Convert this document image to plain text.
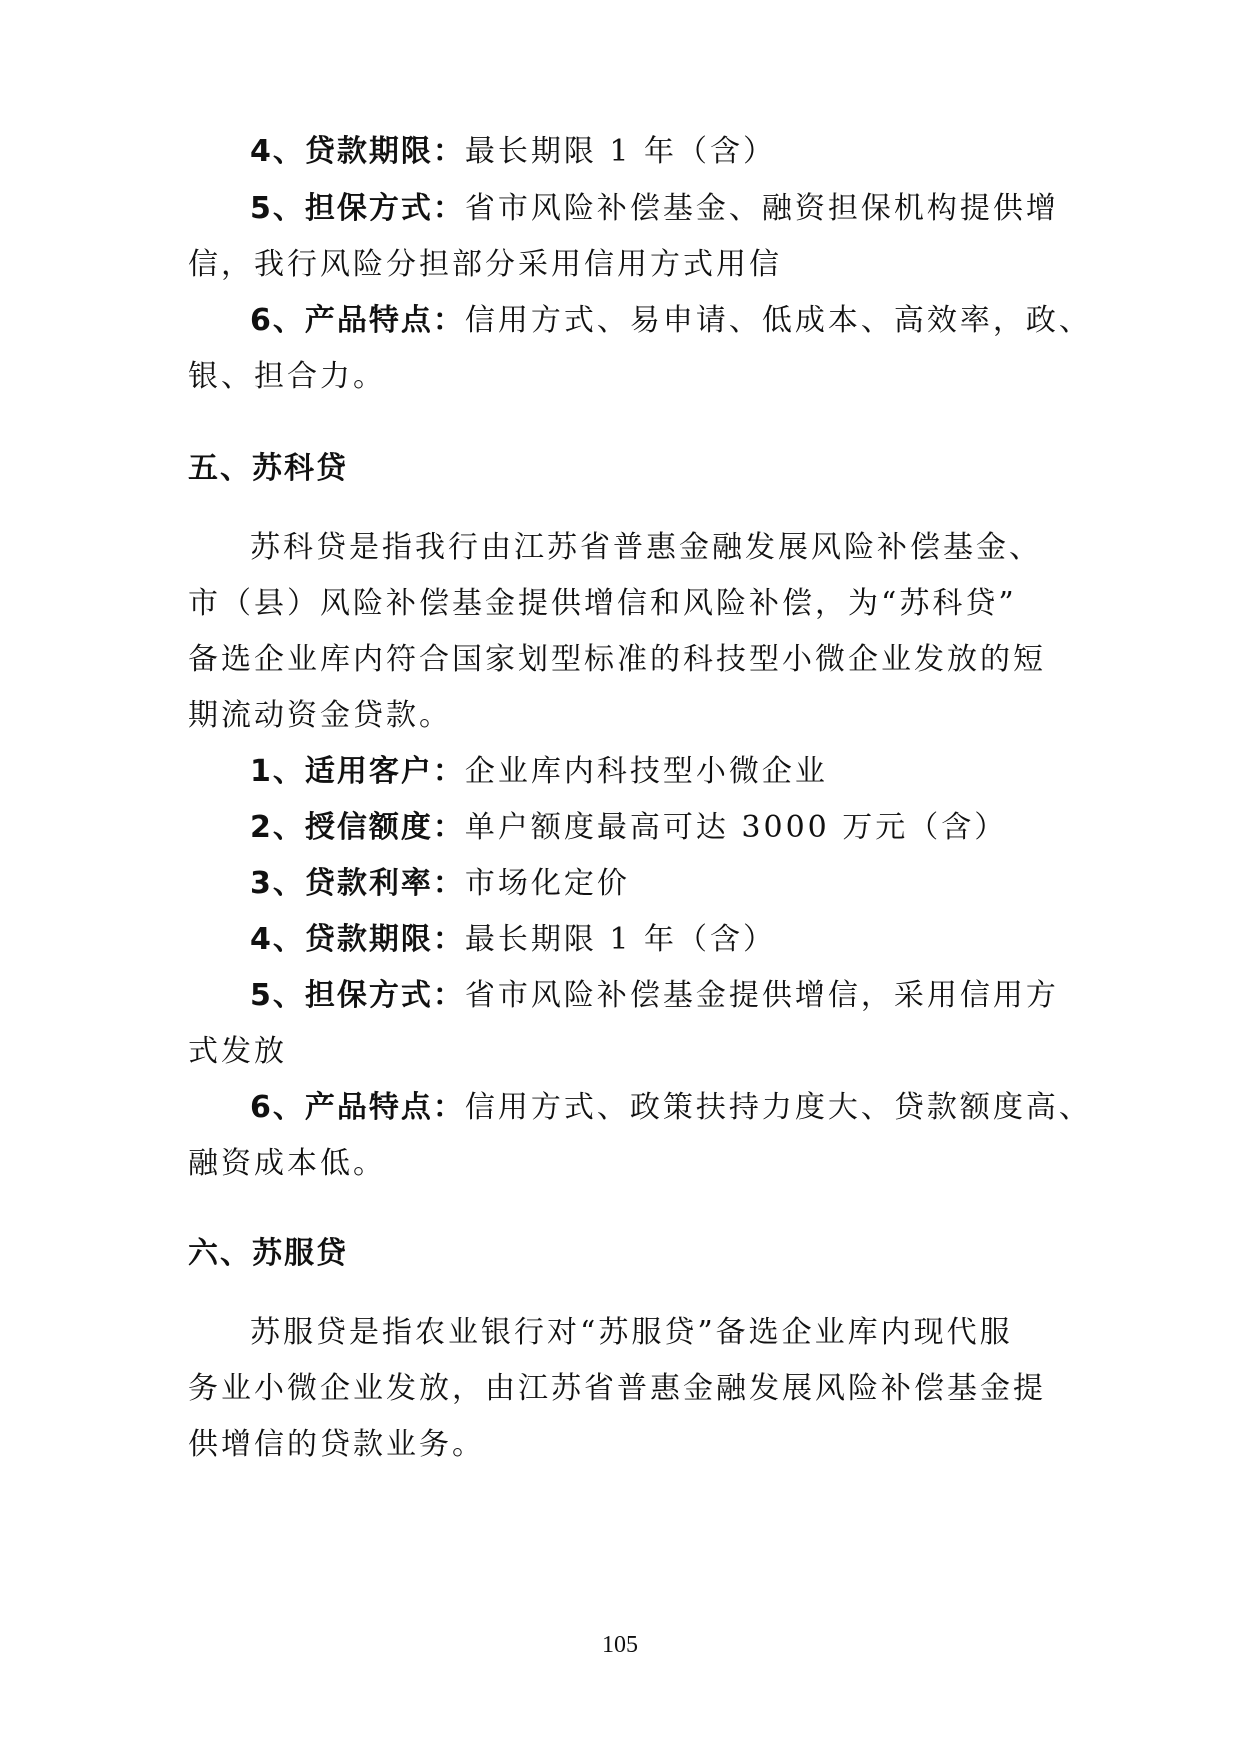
4、贷款期限：最长期限 1 年（含）
5、担保方式：省市风险补偿基金、融资担保机构提供增
信，我行风险分担部分采用信用方式用信
6、产品特点：信用方式、易申请、低成本、高效率，政、
银、担合力。
五、苏科贷
苏科贷是指我行由江苏省普惠金融发展风险补偿基金、
市（县）风险补偿基金提供增信和风险补偿，为“苏科贷”
备选企业库内符合国家划型标准的科技型小微企业发放的短
期流动资金贷款。
1、适用客户：企业库内科技型小微企业
2、授信额度：单户额度最高可达 3000 万元（含）
3、贷款利率：市场化定价
4、贷款期限：最长期限 1 年（含）
5、担保方式：省市风险补偿基金提供增信，采用信用方
式发放
6、产品特点：信用方式、政策扶持力度大、贷款额度高、
融资成本低。
六、苏服贷
苏服贷是指农业银行对“苏服贷”备选企业库内现代服
务业小微企业发放，由江苏省普惠金融发展风险补偿基金提
供增信的贷款业务。
105
